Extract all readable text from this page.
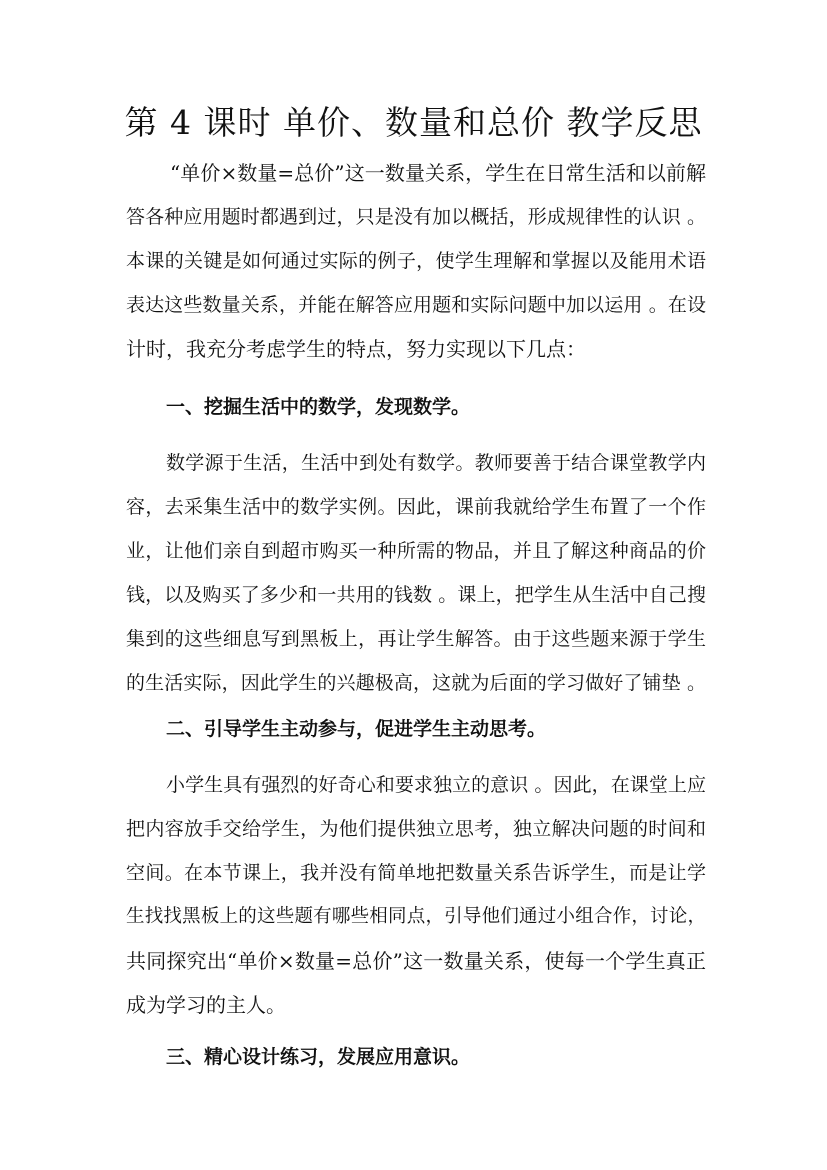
第 4 课时 单价、数量和总价 教学反思

“单价×数量=总价”这一数量关系，学生在日常生活和以前解

答各种应用题时都遇到过，只是没有加以概括，形成规律性的认识 。

本课的关键是如何通过实际的例子，使学生理解和掌握以及能用术语

表达这些数量关系，并能在解答应用题和实际问题中加以运用 。在设

计时，我充分考虑学生的特点，努力实现以下几点：

一、挖掘生活中的数学，发现数学。

数学源于生活，生活中到处有数学。教师要善于结合课堂教学内

容，去采集生活中的数学实例。因此，课前我就给学生布置了一个作

业，让他们亲自到超市购买一种所需的物品，并且了解这种商品的价

钱，以及购买了多少和一共用的钱数 。课上，把学生从生活中自己搜

集到的这些细息写到黑板上，再让学生解答。由于这些题来源于学生

的生活实际，因此学生的兴趣极高，这就为后面的学习做好了铺垫 。

二、引导学生主动参与，促进学生主动思考。

小学生具有强烈的好奇心和要求独立的意识 。因此，在课堂上应

把内容放手交给学生，为他们提供独立思考，独立解决问题的时间和

空间。在本节课上，我并没有简单地把数量关系告诉学生，而是让学

生找找黑板上的这些题有哪些相同点，引导他们通过小组合作，讨论，

共同探究出“单价×数量=总价”这一数量关系，使每一个学生真正

成为学习的主人。

三、精心设计练习，发展应用意识。
